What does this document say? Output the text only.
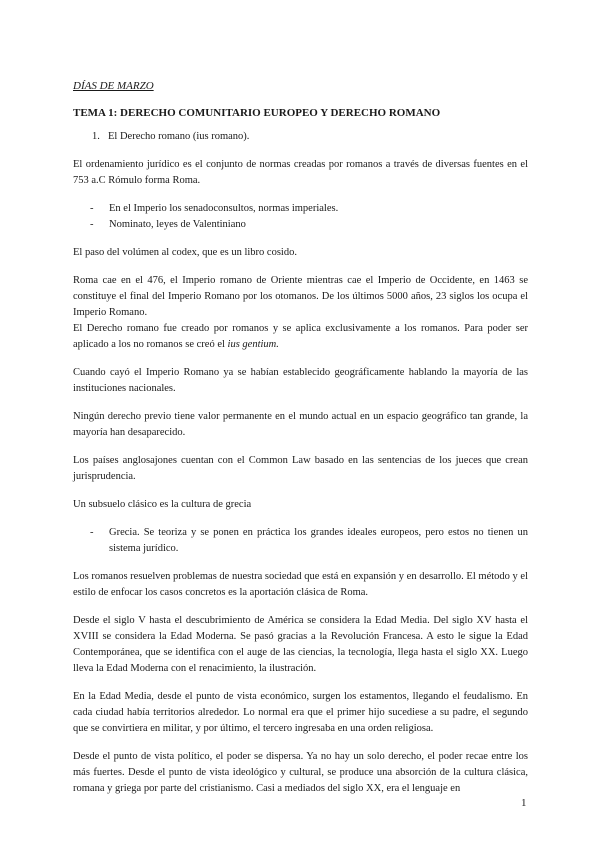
DÍAS DE MARZO
TEMA 1: DERECHO COMUNITARIO EUROPEO Y DERECHO ROMANO
1. El Derecho romano (ius romano).

El ordenamiento jurídico es el conjunto de normas creadas por romanos a través de diversas fuentes en el 753 a.C Rómulo forma Roma.

-	En el Imperio los senadoconsultos, normas imperiales.
-	Nominato, leyes de Valentiniano

El paso del volúmen al codex, que es un libro cosido.

Roma cae en el 476, el Imperio romano de Oriente mientras cae el Imperio de Occidente, en 1463 se constituye el final del Imperio Romano por los otomanos. De los últimos 5000 años, 23 siglos los ocupa el Imperio Romano.

El Derecho romano fue creado por romanos y se aplica exclusivamente a los romanos. Para poder ser aplicado a los no romanos se creó el ius gentium.

Cuando cayó el Imperio Romano ya se habían establecido geográficamente hablando la mayoría de las instituciones nacionales.

Ningún derecho previo tiene valor permanente en el mundo actual en un espacio geográfico tan grande, la mayoría han desaparecido.

Los países anglosajones cuentan con el Common Law basado en las sentencias de los jueces que crean jurisprudencia.

Un subsuelo clásico es la cultura de grecia

-	Grecia. Se teoriza y se ponen en práctica los grandes ideales europeos, pero estos no tienen un sistema jurídico.

Los romanos resuelven problemas de nuestra sociedad que está en expansión y en desarrollo. El método y el estilo de enfocar los casos concretos es la aportación clásica de Roma.

Desde el siglo V hasta el descubrimiento de América se considera la Edad Media. Del siglo XV hasta el XVIII se considera la Edad Moderna. Se pasó gracias a la Revolución Francesa. A esto le sigue la Edad Contemporánea, que se identifica con el auge de las ciencias, la tecnología, llega hasta el siglo XX. Luego lleva la Edad Moderna con el renacimiento, la ilustración.

En la Edad Media, desde el punto de vista económico, surgen los estamentos, llegando el feudalismo. En cada ciudad había territorios alrededor. Lo normal era que el primer hijo sucediese a su padre, el segundo que se convirtiera en militar, y por último, el tercero ingresaba en una orden religiosa.

Desde el punto de vista político, el poder se dispersa. Ya no hay un solo derecho, el poder recae entre los más fuertes. Desde el punto de vista ideológico y cultural, se produce una absorción de la cultura clásica, romana y griega por parte del cristianismo. Casi a mediados del siglo XX, era el lenguaje en

1
